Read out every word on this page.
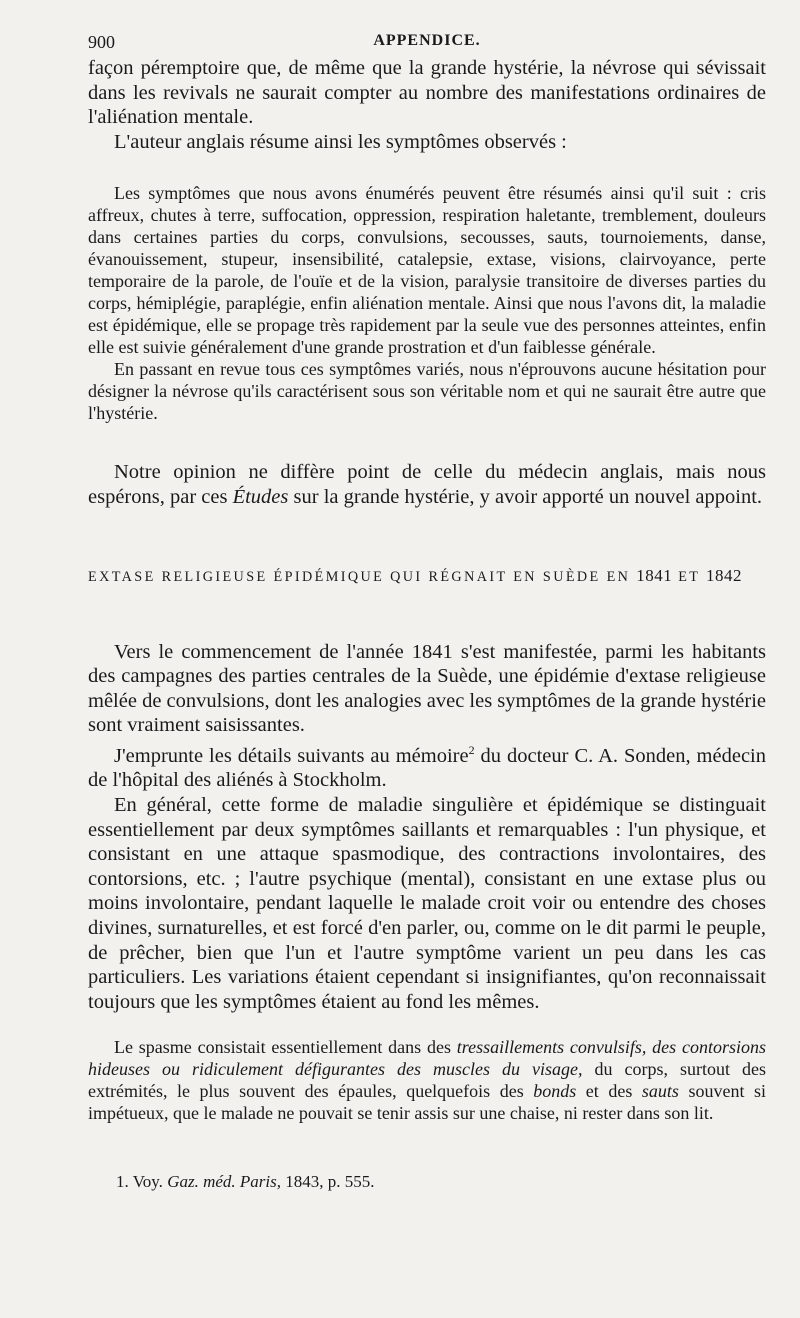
900	APPENDICE.

façon péremptoire que, de même que la grande hystérie, la névrose qui sévissait dans les revivals ne saurait compter au nombre des manifestations ordinaires de l'aliénation mentale.

L'auteur anglais résume ainsi les symptômes observés :

Les symptômes que nous avons énumérés peuvent être résumés ainsi qu'il suit : cris affreux, chutes à terre, suffocation, oppression, respiration haletante, tremblement, douleurs dans certaines parties du corps, convulsions, secousses, sauts, tournoiements, danse, évanouissement, stupeur, insensibilité, catalepsie, extase, visions, clairvoyance, perte temporaire de la parole, de l'ouïe et de la vision, paralysie transitoire de diverses parties du corps, hémiplégie, paraplégie, enfin aliénation mentale. Ainsi que nous l'avons dit, la maladie est épidémique, elle se propage très rapidement par la seule vue des personnes atteintes, enfin elle est suivie généralement d'une grande prostration et d'un faiblesse générale.

En passant en revue tous ces symptômes variés, nous n'éprouvons aucune hésitation pour désigner la névrose qu'ils caractérisent sous son véritable nom et qui ne saurait être autre que l'hystérie.

Notre opinion ne diffère point de celle du médecin anglais, mais nous espérons, par ces Études sur la grande hystérie, y avoir apporté un nouvel appoint.

EXTASE RELIGIEUSE ÉPIDÉMIQUE QUI RÉGNAIT EN SUÈDE EN 1841 ET 1842

Vers le commencement de l'année 1841 s'est manifestée, parmi les habitants des campagnes des parties centrales de la Suède, une épidémie d'extase religieuse mêlée de convulsions, dont les analogies avec les symptômes de la grande hystérie sont vraiment saisissantes.

J'emprunte les détails suivants au mémoire$^2$ du docteur C. A. Sonden, médecin de l'hôpital des aliénés à Stockholm.

En général, cette forme de maladie singulière et épidémique se distinguait essentiellement par deux symptômes saillants et remarquables : l'un physique, et consistant en une attaque spasmodique, des contractions involontaires, des contorsions, etc. ; l'autre psychique (mental), consistant en une extase plus ou moins involontaire, pendant laquelle le malade croit voir ou entendre des choses divines, surnaturelles, et est forcé d'en parler, ou, comme on le dit parmi le peuple, de prêcher, bien que l'un et l'autre symptôme varient un peu dans les cas particuliers. Les variations étaient cependant si insignifiantes, qu'on reconnaissait toujours que les symptômes étaient au fond les mêmes.

Le spasme consistait essentiellement dans des tressaillements convulsifs, des contorsions hideuses ou ridiculement défigurantes des muscles du visage, du corps, surtout des extrémités, le plus souvent des épaules, quelquefois des bonds et des sauts souvent si impétueux, que le malade ne pouvait se tenir assis sur une chaise, ni rester dans son lit.

1. Voy. Gaz. méd. Paris, 1843, p. 555.
